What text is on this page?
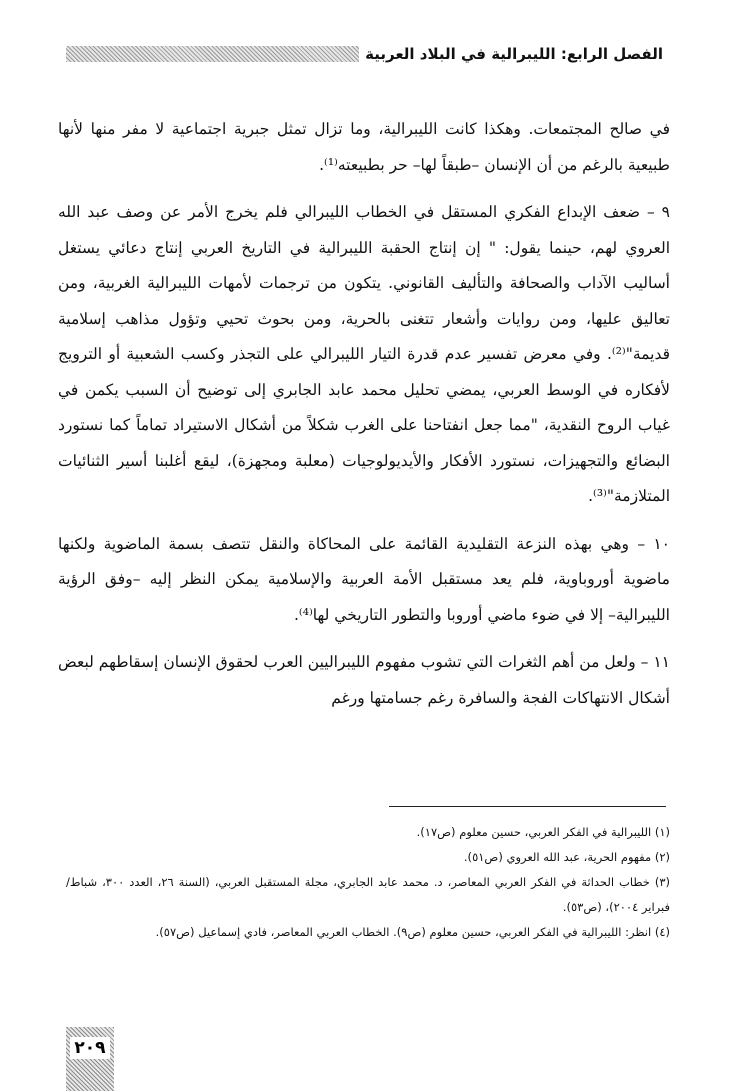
الفصل الرابع: الليبرالية في البلاد العربية

في صالح المجتمعات. وهكذا كانت الليبرالية، وما تزال تمثل جبرية اجتماعية لا مفر منها لأنها طبيعية بالرغم من أن الإنسان –طبقاً لها– حر بطبيعته⁽¹⁾.

٩ – ضعف الإبداع الفكري المستقل في الخطاب الليبرالي فلم يخرج الأمر عن وصف عبد الله العروي لهم، حينما يقول: " إن إنتاج الحقبة الليبرالية في التاريخ العربي إنتاج دعائي يستغل أساليب الآداب والصحافة والتأليف القانوني. يتكون من ترجمات لأمهات الليبرالية الغربية، ومن تعاليق عليها، ومن روايات وأشعار تتغنى بالحرية، ومن بحوث تحيي وتؤول مذاهب إسلامية قديمة"⁽²⁾. وفي معرض تفسير عدم قدرة التيار الليبرالي على التجذر وكسب الشعبية أو الترويج لأفكاره في الوسط العربي، يمضي تحليل محمد عابد الجابري إلى توضيح أن السبب يكمن في غياب الروح النقدية، "مما جعل انفتاحنا على الغرب شكلاً من أشكال الاستيراد تماماً كما نستورد البضائع والتجهيزات، نستورد الأفكار والأيديولوجيات (معلبة ومجهزة)، ليقع أغلبنا أسير الثنائيات المتلازمة"⁽³⁾.

١٠ – وهي بهذه النزعة التقليدية القائمة على المحاكاة والنقل تتصف بسمة الماضوية ولكنها ماضوية أوروباوية، فلم يعد مستقبل الأمة العربية والإسلامية يمكن النظر إليه –وفق الرؤية الليبرالية– إلا في ضوء ماضي أوروبا والتطور التاريخي لها⁽⁴⁾.

١١ – ولعل من أهم الثغرات التي تشوب مفهوم الليبراليين العرب لحقوق الإنسان إسقاطهم لبعض أشكال الانتهاكات الفجة والسافرة رغم جسامتها ورغم

(١) الليبرالية في الفكر العربي، حسين معلوم (ص١٧).
(٢) مفهوم الحرية، عبد الله العروي (ص٥١).
(٣) خطاب الحداثة في الفكر العربي المعاصر، د. محمد عابد الجابري، مجلة المستقبل العربي، (السنة ٢٦، العدد ٣٠٠، شباط/ فبراير ٢٠٠٤)، (ص٥٣).
(٤) انظر: الليبرالية في الفكر العربي، حسين معلوم (ص٩). الخطاب العربي المعاصر، فادي إسماعيل (ص٥٧).
٢٠٩
